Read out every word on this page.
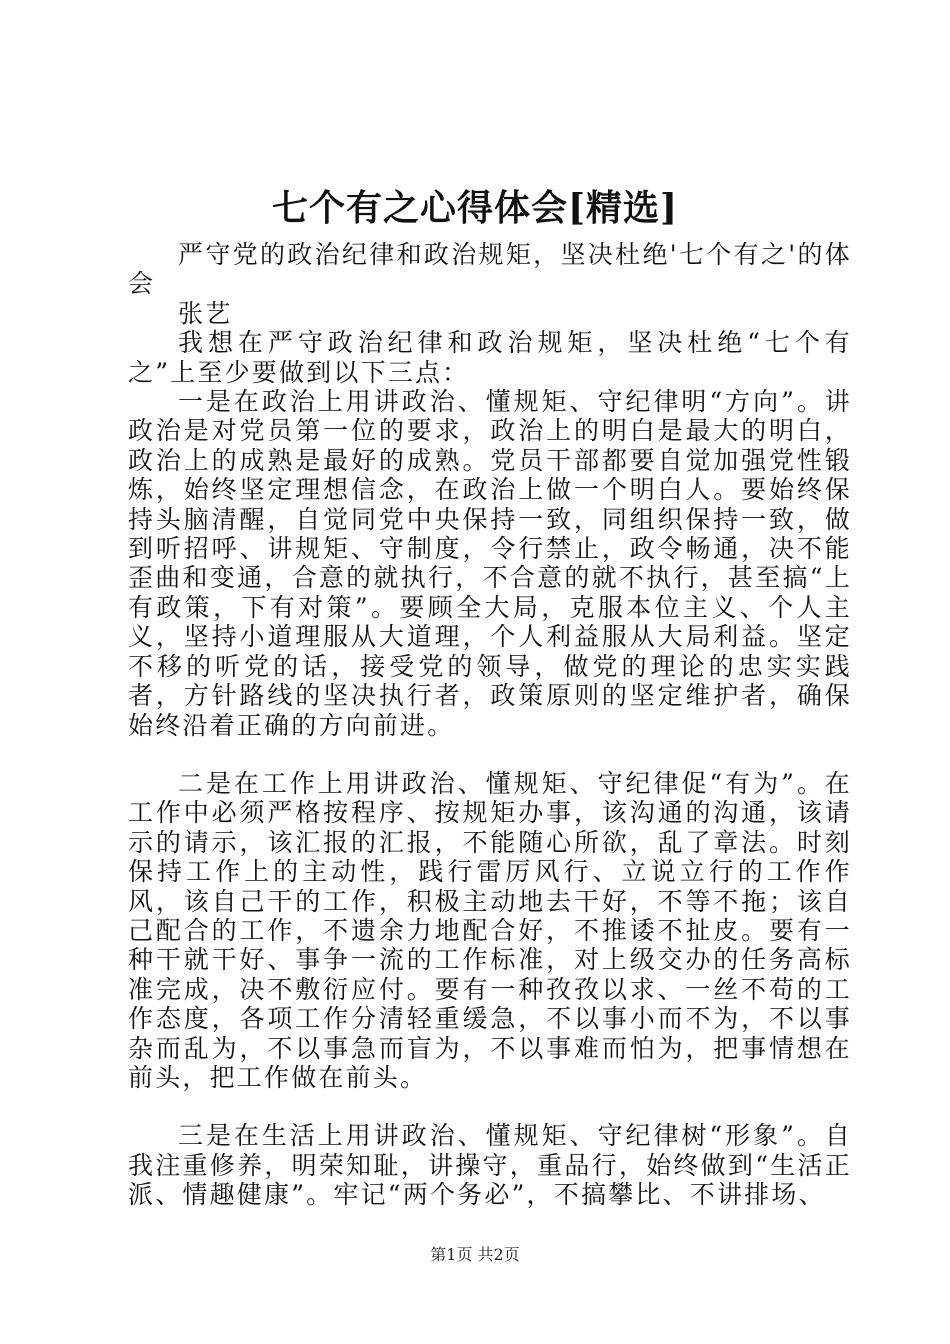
七个有之心得体会[精选]

严守党的政治纪律和政治规矩，坚决杜绝'七个有之'的体会

张艺

我想在严守政治纪律和政治规矩，坚决杜绝“七个有之”上至少要做到以下三点：

一是在政治上用讲政治、懂规矩、守纪律明“方向”。讲政治是对党员第一位的要求，政治上的明白是最大的明白，政治上的成熟是最好的成熟。党员干部都要自觉加强党性锻炼，始终坚定理想信念，在政治上做一个明白人。要始终保持头脑清醒，自觉同党中央保持一致，同组织保持一致，做到听招呼、讲规矩、守制度，令行禁止，政令畅通，决不能歪曲和变通，合意的就执行，不合意的就不执行，甚至搞“上有政策，下有对策”。要顾全大局，克服本位主义、个人主义，坚持小道理服从大道理，个人利益服从大局利益。坚定不移的听党的话，接受党的领导，做党的理论的忠实实践者，方针路线的坚决执行者，政策原则的坚定维护者，确保始终沿着正确的方向前进。

二是在工作上用讲政治、懂规矩、守纪律促“有为”。在工作中必须严格按程序、按规矩办事，该沟通的沟通，该请示的请示，该汇报的汇报，不能随心所欲，乱了章法。时刻保持工作上的主动性，践行雷厉风行、立说立行的工作作风，该自己干的工作，积极主动地去干好，不等不拖；该自己配合的工作，不遗余力地配合好，不推诿不扯皮。要有一种干就干好、事争一流的工作标准，对上级交办的任务高标准完成，决不敷衍应付。要有一种孜孜以求、一丝不苟的工作态度，各项工作分清轻重缓急，不以事小而不为，不以事杂而乱为，不以事急而盲为，不以事难而怕为，把事情想在前头，把工作做在前头。

三是在生活上用讲政治、懂规矩、守纪律树“形象”。自我注重修养，明荣知耻，讲操守，重品行，始终做到“生活正派、情趣健康”。牢记“两个务必”，不搞攀比、不讲排场、

第1页 共2页
